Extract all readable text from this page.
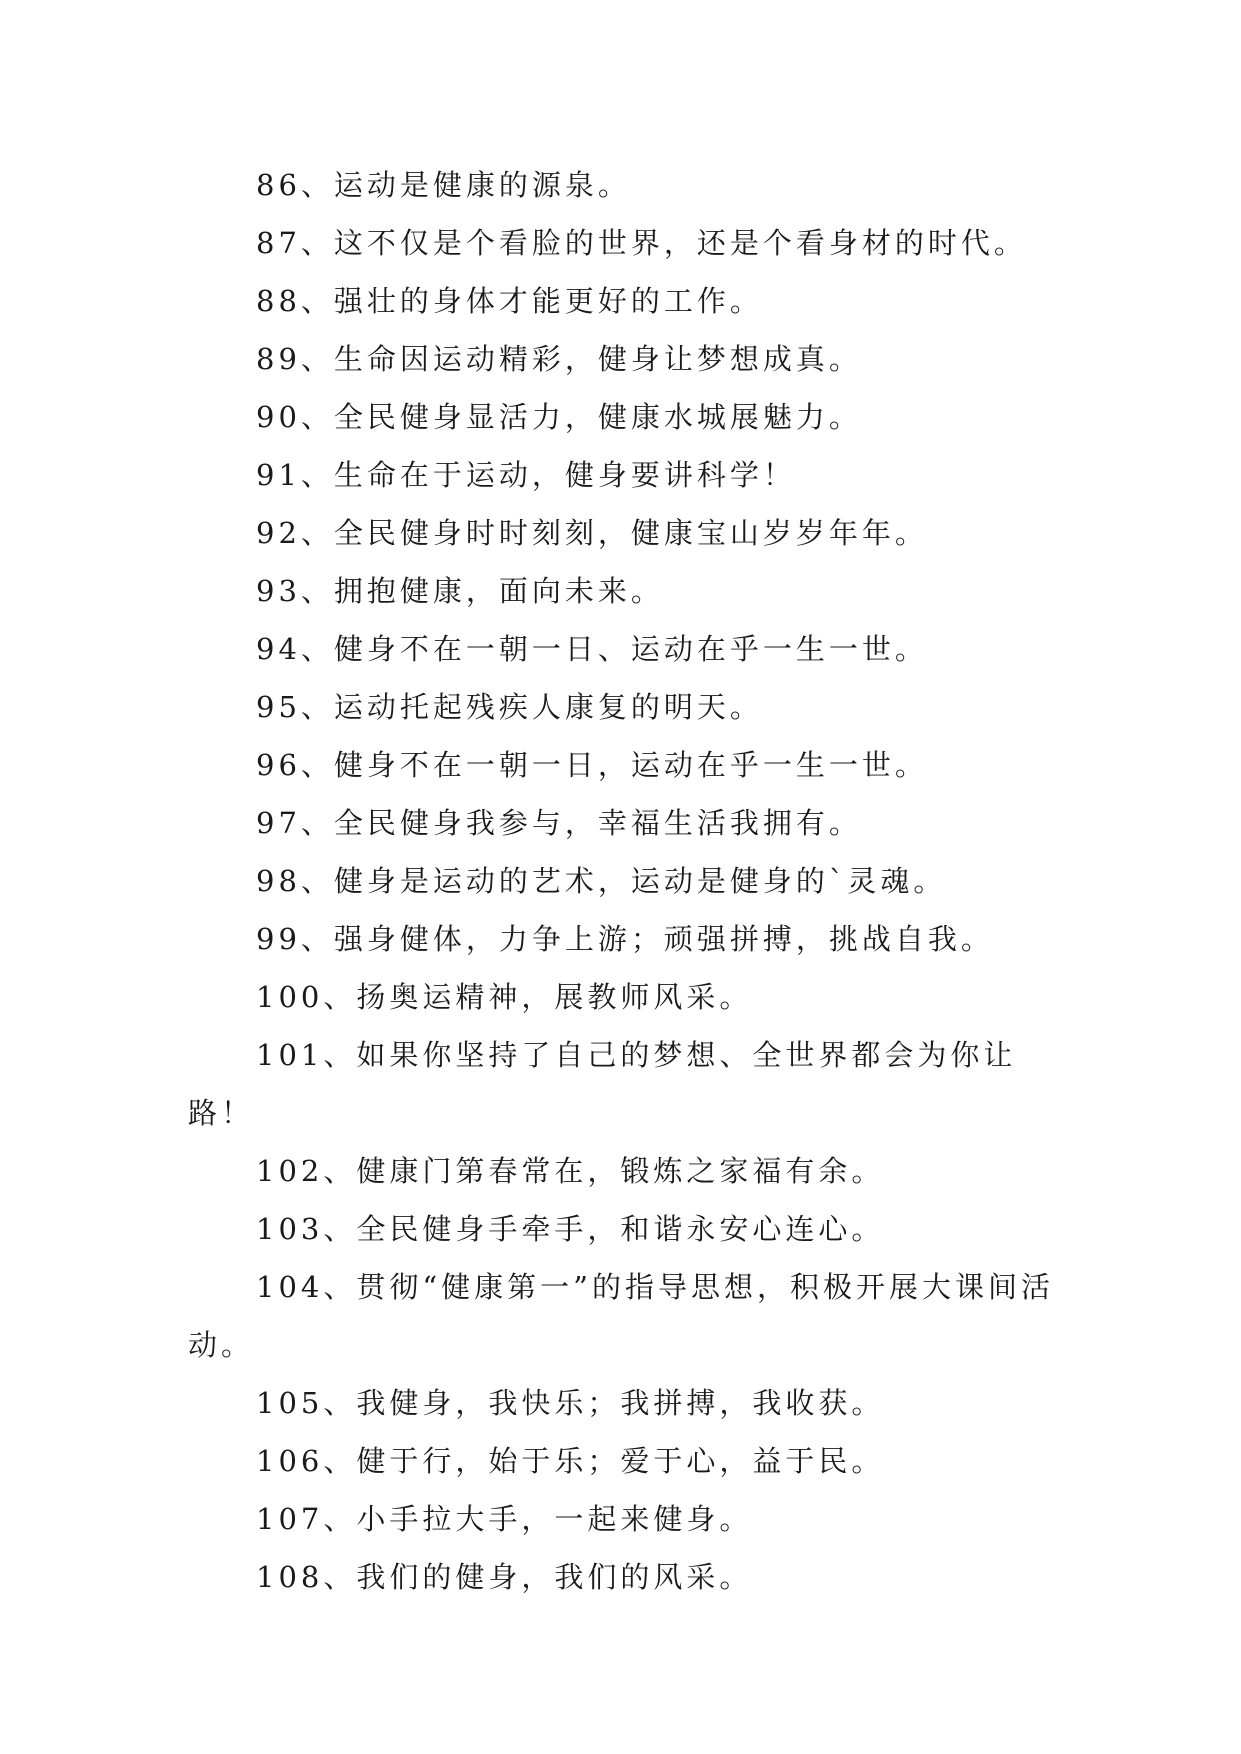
86、运动是健康的源泉。

87、这不仅是个看脸的世界，还是个看身材的时代。

88、强壮的身体才能更好的工作。

89、生命因运动精彩，健身让梦想成真。

90、全民健身显活力，健康水城展魅力。

91、生命在于运动，健身要讲科学！

92、全民健身时时刻刻，健康宝山岁岁年年。

93、拥抱健康，面向未来。

94、健身不在一朝一日、运动在乎一生一世。

95、运动托起残疾人康复的明天。

96、健身不在一朝一日，运动在乎一生一世。

97、全民健身我参与，幸福生活我拥有。

98、健身是运动的艺术，运动是健身的`灵魂。

99、强身健体，力争上游；顽强拼搏，挑战自我。

100、扬奥运精神，展教师风采。

101、如果你坚持了自己的梦想、全世界都会为你让路！

102、健康门第春常在，锻炼之家福有余。

103、全民健身手牵手，和谐永安心连心。

104、贯彻“健康第一”的指导思想，积极开展大课间活动。

105、我健身，我快乐；我拼搏，我收获。

106、健于行，始于乐；爱于心，益于民。

107、小手拉大手，一起来健身。

108、我们的健身，我们的风采。
